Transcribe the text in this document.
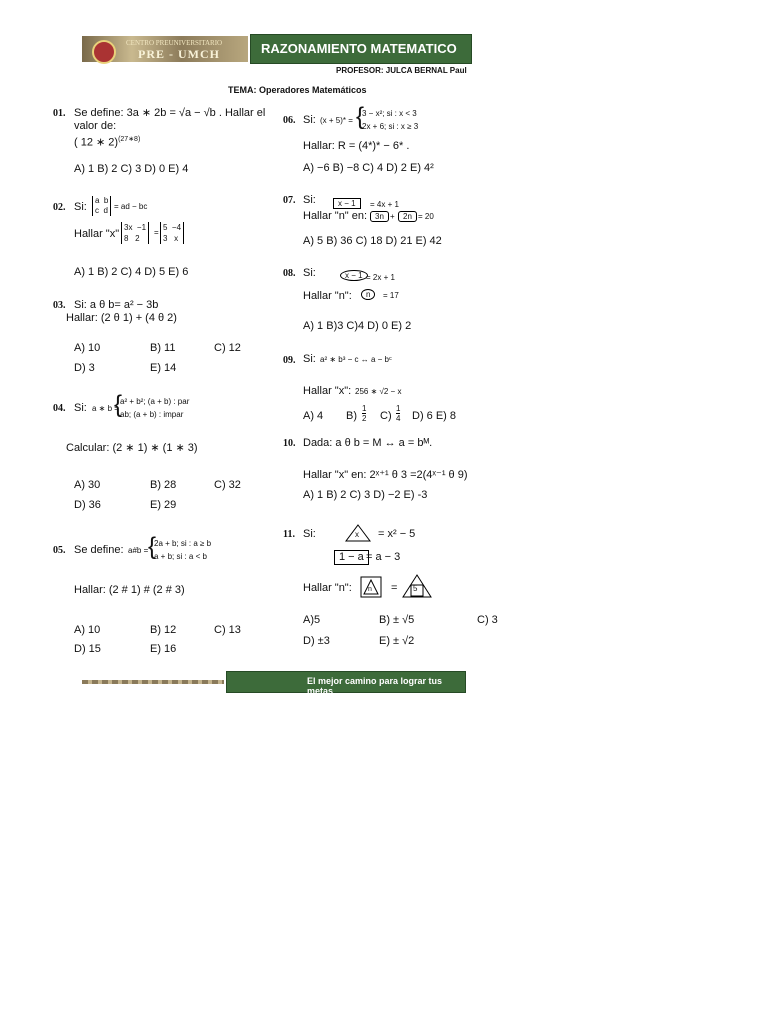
CENTRO PREUNIVERSITARIO
PRE - UMCH	RAZONAMIENTO MATEMATICO
PROFESOR: JULCA BERNAL Paul
TEMA: Operadores Matemáticos
01. Se define: 3a ∗ 2b = √a − √b . Hallar el
valor de:
( 12 ∗ 2)$^{(27∗8)}$
A) 1 B) 2 C) 3 D) 0 E) 4
02. Si:
a b
c d = ad − bc
Hallar "x"
3x −1
8 2
=
5 −4
3 x
A) 1 B) 2 C) 4 D) 5 E) 6
03. Si: a θ b= a² − 3b
Hallar: (2 θ 1) + (4 θ 2)
A) 10	B) 11	C) 12
D) 3	E) 14
04. Si: a ∗ b =
{
a² + b²; (a + b) : par
ab; (a + b) : impar
Calcular: (2 ∗ 1) ∗ (1 ∗ 3)
A) 30	B) 28	C) 32
D) 36	E) 29
05. Se define: a#b = {
2a + b; si : a ≥ b
a + b; si : a < b
Hallar: (2 # 1) # (2 # 3)
A) 10	B) 12	C) 13
D) 15	E) 16
06. Si: (x + 5)* = {
3 − x²; si : x < 3
2x + 6; si : x ≥ 3
Hallar: R = (4*)* − 6* .
A) −6 B) −8 C) 4 D) 2 E) 4²
07. Si:	x − 1	= 4x + 1
Hallar "n" en: 3n +	2n = 20
A) 5 B) 36 C) 18 D) 21 E) 42
08. Si:	x − 1 = 2x + 1
Hallar "n":	n	= 17
A) 1 B)3 C)4 D) 0 E) 2
09. Si: a² ∗ b³ − c ↔ a − bᶜ
Hallar "x": 256 ∗ √2 − x
A) 4 $B) \frac{1}{2} C) \frac{1}{4} D$) 6 E) 8
10. Dada: a θ b = M ↔ a = bᴹ.
Hallar "x" en: 2ˣ⁺¹ θ 3 =2(4ˣ⁻¹ θ 9)
A) 1 B) 2 C) 3 D) −2 E) -3
11. Si:	x = x² − 5
1 − a = a − 3
Hallar "n": n = 5
A)5	B) ± √5	C) 3
D) ±3	E) ± √2
El mejor camino para lograr tus metas
